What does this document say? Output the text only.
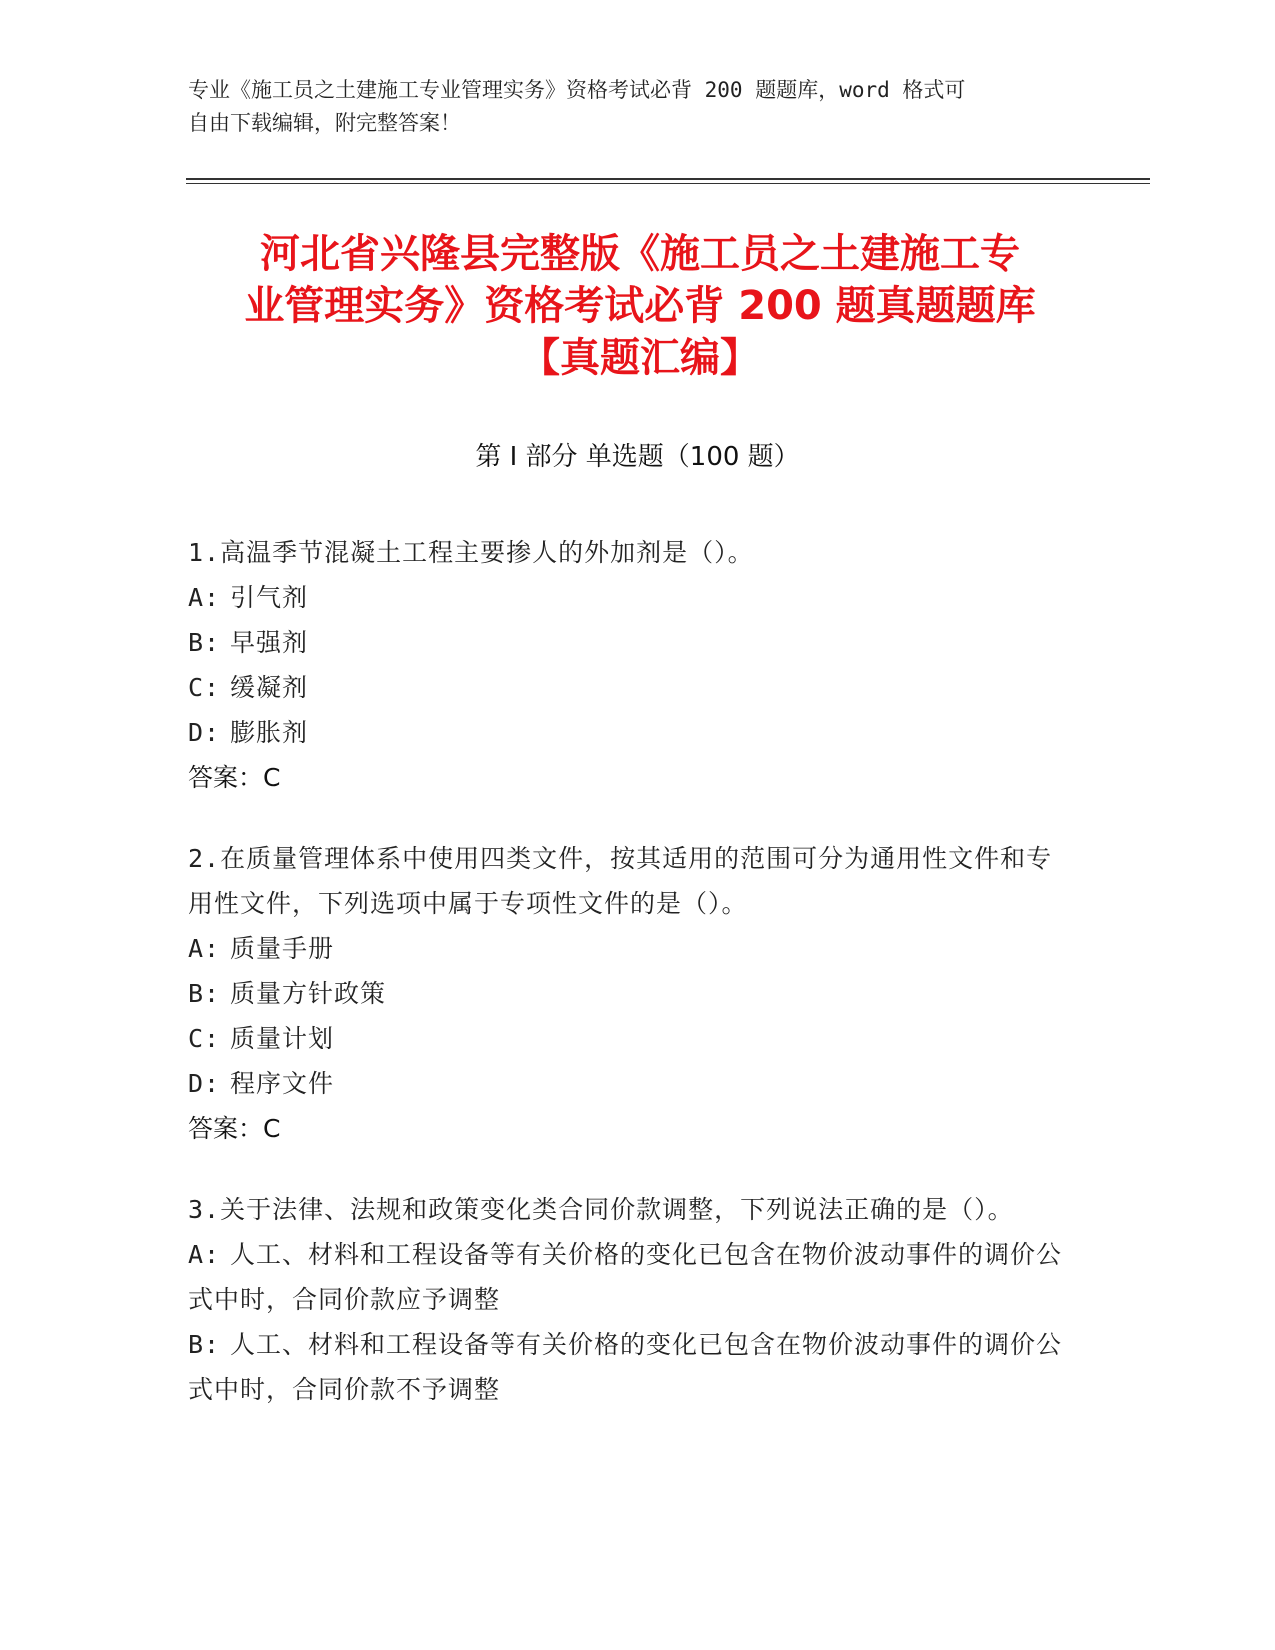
专业《施工员之土建施工专业管理实务》资格考试必背 200 题题库，word 格式可
自由下载编辑，附完整答案！
河北省兴隆县完整版《施工员之土建施工专
业管理实务》资格考试必背 200 题真题题库
【真题汇编】
第 I 部分 单选题（100 题）
1.高温季节混凝土工程主要掺人的外加剂是（）。
A: 引气剂
B: 早强剂
C: 缓凝剂
D: 膨胀剂
答案：C
2.在质量管理体系中使用四类文件，按其适用的范围可分为通用性文件和专用性文件，下列选项中属于专项性文件的是（）。
A: 质量手册
B: 质量方针政策
C: 质量计划
D: 程序文件
答案：C
3.关于法律、法规和政策变化类合同价款调整，下列说法正确的是（）。
A: 人工、材料和工程设备等有关价格的变化已包含在物价波动事件的调价公式中时，合同价款应予调整
B: 人工、材料和工程设备等有关价格的变化已包含在物价波动事件的调价公式中时，合同价款不予调整
